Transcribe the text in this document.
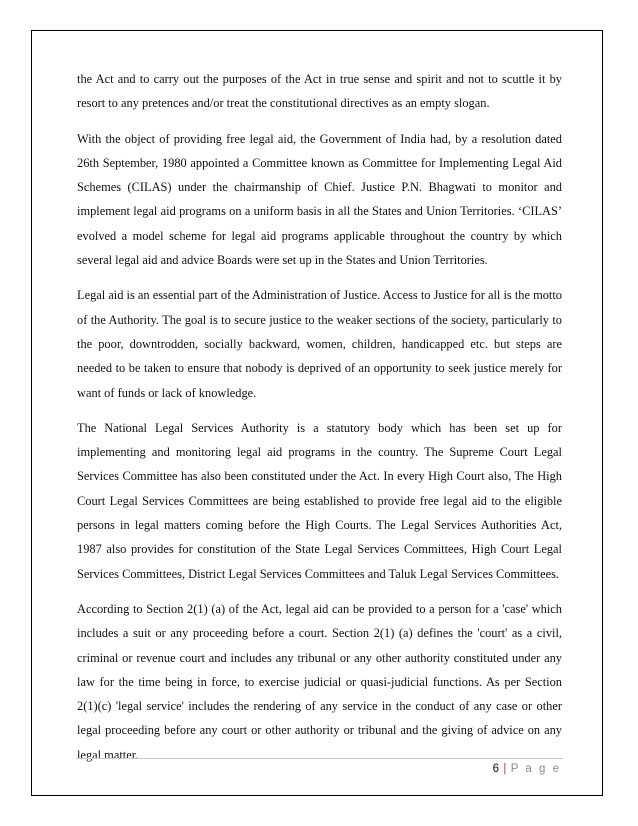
the Act and to carry out the purposes of the Act in true sense and spirit and not to scuttle it by resort to any pretences and/or treat the constitutional directives as an empty slogan.

With the object of providing free legal aid, the Government of India had, by a resolution dated 26th September, 1980 appointed a Committee known as Committee for Implementing Legal Aid Schemes (CILAS) under the chairmanship of Chief. Justice P.N. Bhagwati to monitor and implement legal aid programs on a uniform basis in all the States and Union Territories. ‘CILAS’ evolved a model scheme for legal aid programs applicable throughout the country by which several legal aid and advice Boards were set up in the States and Union Territories.

Legal aid is an essential part of the Administration of Justice. Access to Justice for all is the motto of the Authority. The goal is to secure justice to the weaker sections of the society, particularly to the poor, downtrodden, socially backward, women, children, handicapped etc. but steps are needed to be taken to ensure that nobody is deprived of an opportunity to seek justice merely for want of funds or lack of knowledge.

The National Legal Services Authority is a statutory body which has been set up for implementing and monitoring legal aid programs in the country. The Supreme Court Legal Services Committee has also been constituted under the Act. In every High Court also, The High Court Legal Services Committees are being established to provide free legal aid to the eligible persons in legal matters coming before the High Courts. The Legal Services Authorities Act, 1987 also provides for constitution of the State Legal Services Committees, High Court Legal Services Committees, District Legal Services Committees and Taluk Legal Services Committees.

According to Section 2(1) (a) of the Act, legal aid can be provided to a person for a 'case' which includes a suit or any proceeding before a court. Section 2(1) (a) defines the 'court' as a civil, criminal or revenue court and includes any tribunal or any other authority constituted under any law for the time being in force, to exercise judicial or quasi-judicial functions. As per Section 2(1)(c) 'legal service' includes the rendering of any service in the conduct of any case or other legal proceeding before any court or other authority or tribunal and the giving of advice on any legal matter.

6 | P a g e
